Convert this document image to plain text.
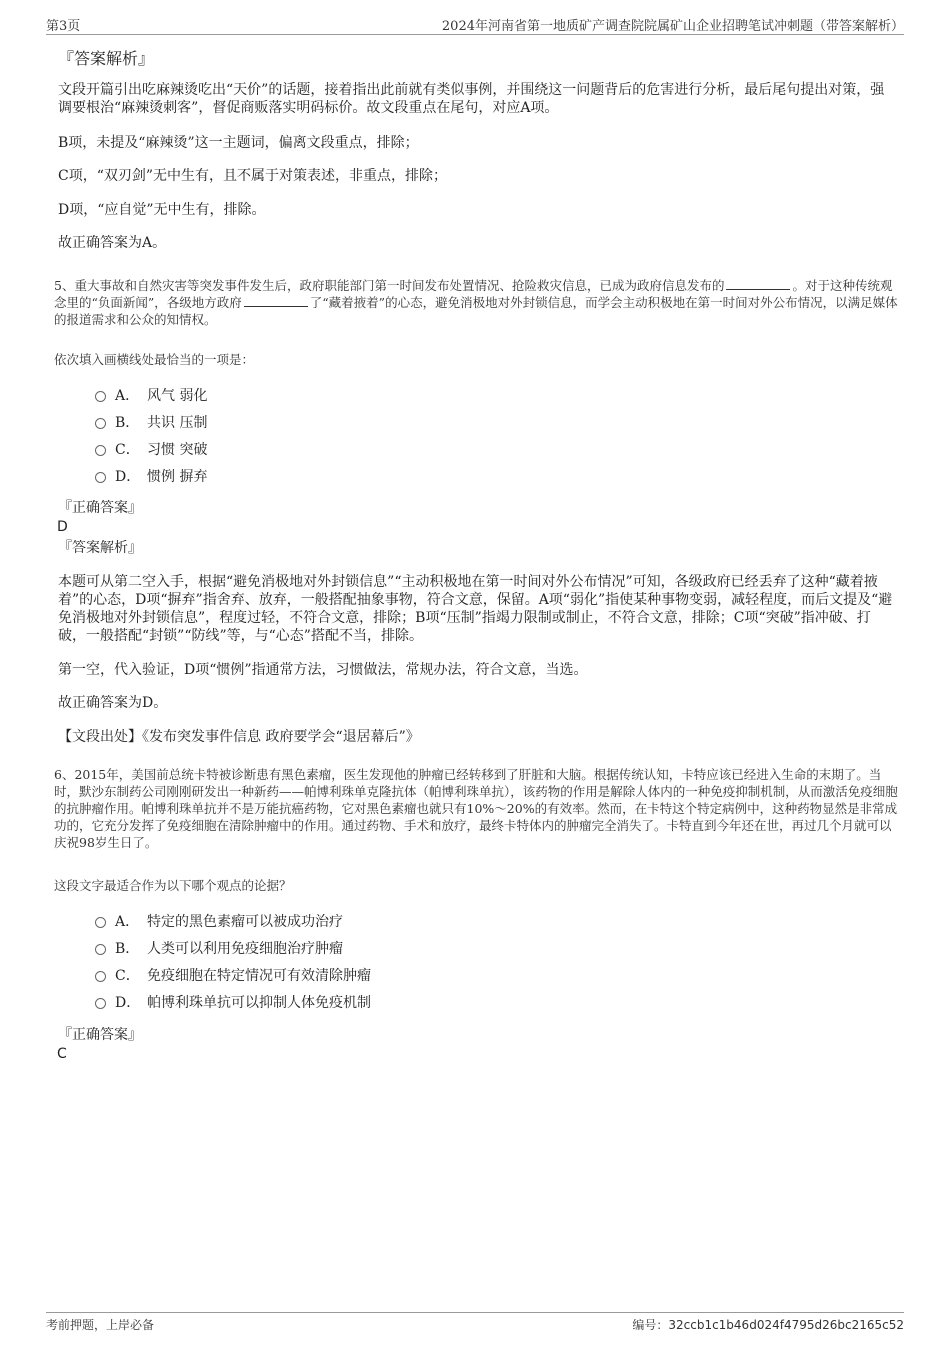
第3页	2024年河南省第一地质矿产调查院院属矿山企业招聘笔试冲刺题（带答案解析）
『答案解析』
文段开篇引出吃麻辣烫吃出“天价”的话题，接着指出此前就有类似事例，并围绕这一问题背后的危害进行分析，最后尾句提出对策，强调要根治“麻辣烫刺客”，督促商贩落实明码标价。故文段重点在尾句，对应A项。
B项，未提及“麻辣烫”这一主题词，偏离文段重点，排除；
C项，“双刃剑”无中生有，且不属于对策表述，非重点，排除；
D项，“应自觉”无中生有，排除。
故正确答案为A。
5、重大事故和自然灾害等突发事件发生后，政府职能部门第一时间发布处置情况、抢险救灾信息，已成为政府信息发布的	。对于这种传统观念里的“负面新闻”，各级地方政府	了“藏着掖着”的心态，避免消极地对外封锁信息，而学会主动积极地在第一时间对外公布情况，以满足媒体的报道需求和公众的知情权。
依次填入画横线处最恰当的一项是：
A． 风气 弱化
B． 共识 压制
C． 习惯 突破
D． 惯例 摒弃
『正确答案』
D
『答案解析』
本题可从第二空入手，根据“避免消极地对外封锁信息”“主动积极地在第一时间对外公布情况”可知，各级政府已经丢弃了这种“藏着掖着”的心态，D项“摒弃”指舍弃、放弃，一般搭配抽象事物，符合文意，保留。A项“弱化”指使某种事物变弱，减轻程度，而后文提及“避免消极地对外封锁信息”，程度过轻，不符合文意，排除；B项“压制”指竭力限制或制止，不符合文意，排除；C项“突破”指冲破、打破，一般搭配“封锁”“防线”等，与“心态”搭配不当，排除。
第一空，代入验证，D项“惯例”指通常方法，习惯做法，常规办法，符合文意，当选。
故正确答案为D。
【文段出处】《发布突发事件信息 政府要学会“退居幕后”》
6、2015年，美国前总统卡特被诊断患有黑色素瘤，医生发现他的肿瘤已经转移到了肝脏和大脑。根据传统认知，卡特应该已经进入生命的末期了。当时，默沙东制药公司刚刚研发出一种新药——帕博利珠单克隆抗体（帕博利珠单抗），该药物的作用是解除人体内的一种免疫抑制机制，从而激活免疫细胞的抗肿瘤作用。帕博利珠单抗并不是万能抗癌药物，它对黑色素瘤也就只有10%～20%的有效率。然而，在卡特这个特定病例中，这种药物显然是非常成功的，它充分发挥了免疫细胞在清除肿瘤中的作用。通过药物、手术和放疗，最终卡特体内的肿瘤完全消失了。卡特直到今年还在世，再过几个月就可以庆祝98岁生日了。
这段文字最适合作为以下哪个观点的论据？
A． 特定的黑色素瘤可以被成功治疗
B． 人类可以利用免疫细胞治疗肿瘤
C． 免疫细胞在特定情况可有效清除肿瘤
D． 帕博利珠单抗可以抑制人体免疫机制
『正确答案』
C
考前押题，上岸必备	编号：32ccb1c1b46d024f4795d26bc2165c52
